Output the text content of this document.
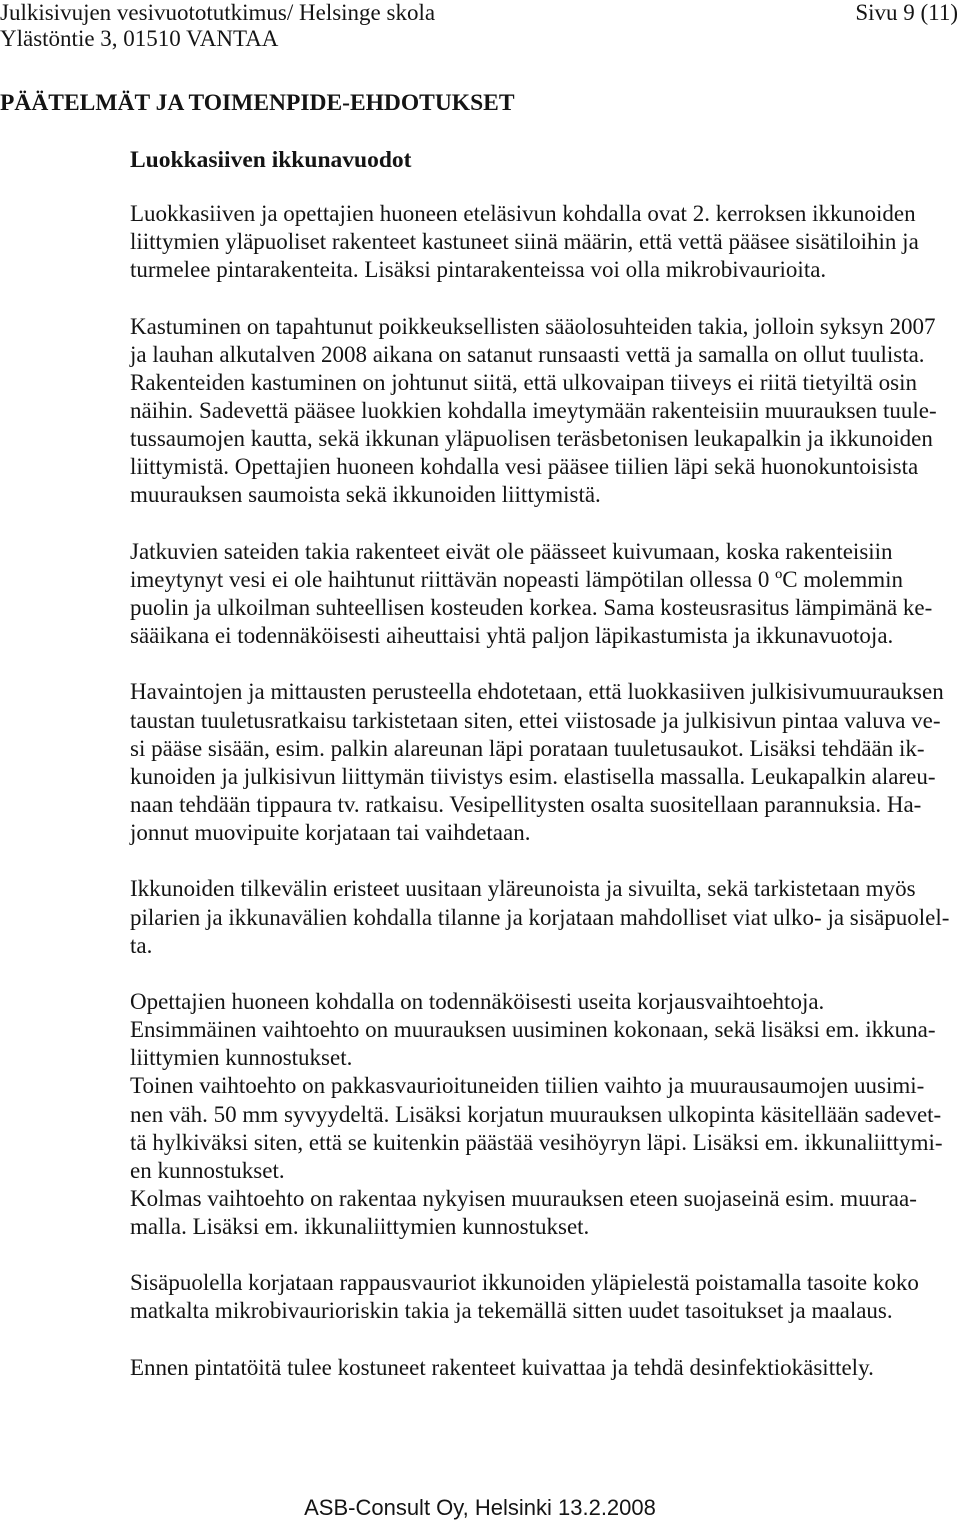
Julkisivujen vesivuototutkimus/ Helsinge skola	Sivu 9 (11)
Ylästöntie 3, 01510 VANTAA
PÄÄTELMÄT JA TOIMENPIDE-EHDOTUKSET
Luokkasiiven ikkunavuodot
Luokkasiiven ja opettajien huoneen eteläsivun kohdalla ovat 2. kerroksen ikkunoiden
liittymien yläpuoliset rakenteet kastuneet siinä määrin, että vettä pääsee sisätiloihin ja
turmelee pintarakenteita. Lisäksi pintarakenteissa voi olla mikrobivaurioita.
Kastuminen on tapahtunut poikkeuksellisten sääolosuhteiden takia, jolloin syksyn 2007
ja lauhan alkutalven 2008 aikana on satanut runsaasti vettä ja samalla on ollut tuulista.
Rakenteiden kastuminen on johtunut siitä, että ulkovaipan tiiveys ei riitä tietyiltä osin
näihin. Sadevettä pääsee luokkien kohdalla imeytymään rakenteisiin muurauksen tuule-
tussaumojen kautta, sekä ikkunan yläpuolisen teräsbetonisen leukapalkin ja ikkunoiden
liittymistä. Opettajien huoneen kohdalla vesi pääsee tiilien läpi sekä huonokuntoisista
muurauksen saumoista sekä ikkunoiden liittymistä.
Jatkuvien sateiden takia rakenteet eivät ole päässeet kuivumaan, koska rakenteisiin
imeytynyt vesi ei ole haihtunut riittävän nopeasti lämpötilan ollessa 0 ºC molemmin
puolin ja ulkoilman suhteellisen kosteuden korkea. Sama kosteusrasitus lämpimänä ke-
sääikana ei todennäköisesti aiheuttaisi yhtä paljon läpikastumista ja ikkunavuotoja.
Havaintojen ja mittausten perusteella ehdotetaan, että luokkasiiven julkisivumuurauksen
taustan tuuletusratkaisu tarkistetaan siten, ettei viistosade ja julkisivun pintaa valuva ve-
si pääse sisään, esim. palkin alareunan läpi porataan tuuletusaukot. Lisäksi tehdään ik-
kunoiden ja julkisivun liittymän tiivistys esim. elastisella massalla. Leukapalkin alareu-
naan tehdään tippaura tv. ratkaisu. Vesipellitysten osalta suositellaan parannuksia. Ha-
jonnut muovipuite korjataan tai vaihdetaan.
Ikkunoiden tilkevälin eristeet uusitaan yläreunoista ja sivuilta, sekä tarkistetaan myös
pilarien ja ikkunavälien kohdalla tilanne ja korjataan mahdolliset viat ulko- ja sisäpuolel-
ta.
Opettajien huoneen kohdalla on todennäköisesti useita korjausvaihtoehtoja.
Ensimmäinen vaihtoehto on muurauksen uusiminen kokonaan, sekä lisäksi em. ikkuna-
liittymien kunnostukset.
Toinen vaihtoehto on pakkasvaurioituneiden tiilien vaihto ja muurausaumojen uusimi-
nen väh. 50 mm syvyydeltä. Lisäksi korjatun muurauksen ulkopinta käsitellään sadevet-
tä hylkiväksi siten, että se kuitenkin päästää vesihöyryn läpi. Lisäksi em. ikkunaliittymi-
en kunnostukset.
Kolmas vaihtoehto on rakentaa nykyisen muurauksen eteen suojaseinä esim. muuraa-
malla. Lisäksi em. ikkunaliittymien kunnostukset.
Sisäpuolella korjataan rappausvauriot ikkunoiden yläpielestä poistamalla tasoite koko
matkalta mikrobivaurioriskin takia ja tekemällä sitten uudet tasoitukset ja maalaus.
Ennen pintatöitä tulee kostuneet rakenteet kuivattaa ja tehdä desinfektiokäsittely.
ASB-Consult Oy, Helsinki 13.2.2008
